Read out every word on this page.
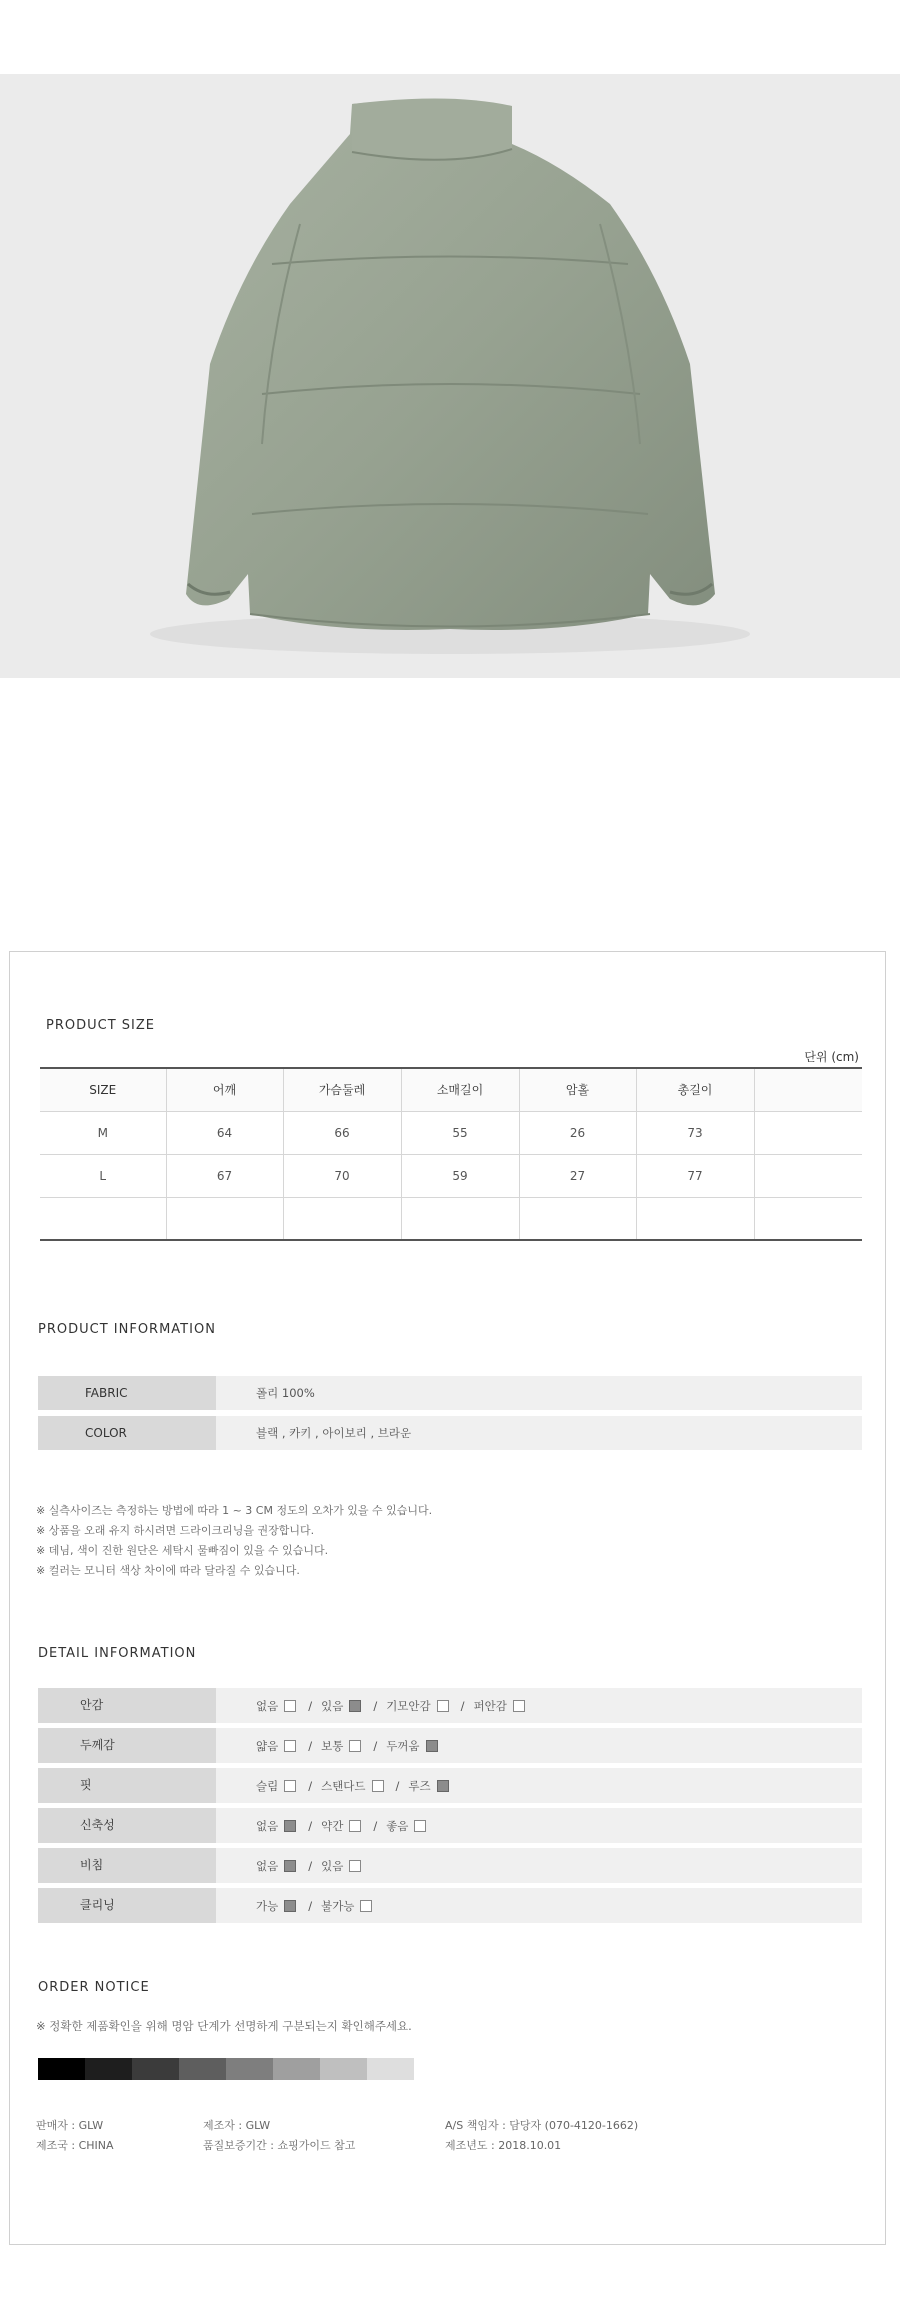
PRODUCT SIZE
단위 (cm)
SIZE	어깨	가슴둘레	소매길이	암홀	총길이	
M	64	66	55	26	73	
L	67	70	59	27	77	

PRODUCT INFORMATION
FABRIC	폴리 100%
COLOR	블랙 , 카키 , 아이보리 , 브라운
※ 실측사이즈는 측정하는 방법에 따라 1 ~ 3 CM 정도의 오차가 있을 수 있습니다.
※ 상품을 오래 유지 하시려면 드라이크리닝을 권장합니다.
※ 데님, 색이 진한 원단은 세탁시 물빠짐이 있을 수 있습니다.
※ 컬러는 모니터 색상 차이에 따라 달라질 수 있습니다.
DETAIL INFORMATION
안감	없음	/ 있음	/ 기모안감	/ 퍼안감
두께감	얇음	/ 보통	/ 두꺼움
핏	슬림	/ 스탠다드	/ 루즈
신축성	없음	/ 약간	/ 좋음
비침	없음	/ 있음
클리닝	가능	/ 불가능
ORDER NOTICE
※ 정확한 제품확인을 위해 명암 단계가 선명하게 구분되는지 확인해주세요.
판매자 : GLW	제조자 : GLW	A/S 책임자 : 담당자 (070-4120-1662)
제조국 : CHINA	품질보증기간 : 쇼핑가이드 참고	제조년도 : 2018.10.01
